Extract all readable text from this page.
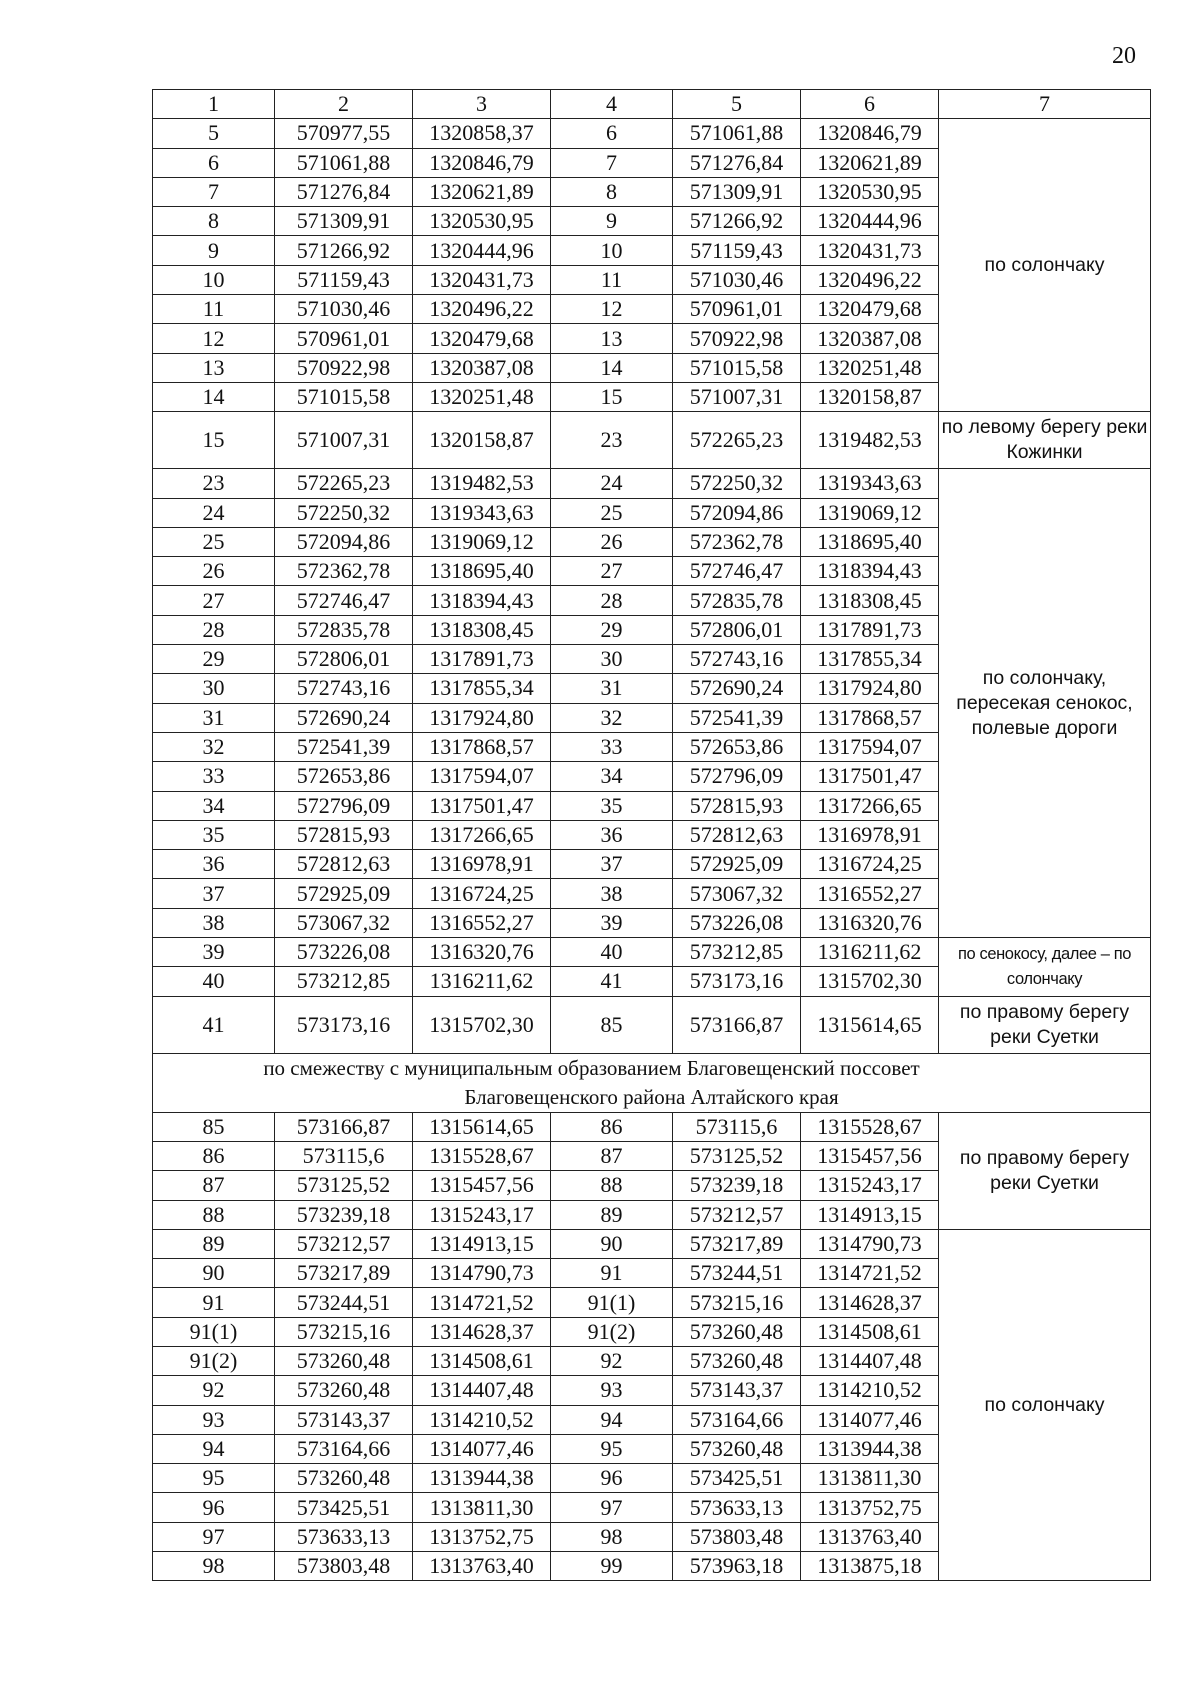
20
1	2	3	4	5	6	7
5	570977,55	1320858,37	6	571061,88	1320846,79	по солончаку
6	571061,88	1320846,79	7	571276,84	1320621,89	
7	571276,84	1320621,89	8	571309,91	1320530,95	
8	571309,91	1320530,95	9	571266,92	1320444,96	
9	571266,92	1320444,96	10	571159,43	1320431,73	
10	571159,43	1320431,73	11	571030,46	1320496,22	
11	571030,46	1320496,22	12	570961,01	1320479,68	
12	570961,01	1320479,68	13	570922,98	1320387,08	
13	570922,98	1320387,08	14	571015,58	1320251,48	
14	571015,58	1320251,48	15	571007,31	1320158,87	
15	571007,31	1320158,87	23	572265,23	1319482,53	по левому берегу реки Кожинки
23	572265,23	1319482,53	24	572250,32	1319343,63	по солончаку, пересекая сенокос, полевые дороги
24	572250,32	1319343,63	25	572094,86	1319069,12	
25	572094,86	1319069,12	26	572362,78	1318695,40	
26	572362,78	1318695,40	27	572746,47	1318394,43	
27	572746,47	1318394,43	28	572835,78	1318308,45	
28	572835,78	1318308,45	29	572806,01	1317891,73	
29	572806,01	1317891,73	30	572743,16	1317855,34	
30	572743,16	1317855,34	31	572690,24	1317924,80	
31	572690,24	1317924,80	32	572541,39	1317868,57	
32	572541,39	1317868,57	33	572653,86	1317594,07	
33	572653,86	1317594,07	34	572796,09	1317501,47	
34	572796,09	1317501,47	35	572815,93	1317266,65	
35	572815,93	1317266,65	36	572812,63	1316978,91	
36	572812,63	1316978,91	37	572925,09	1316724,25	
37	572925,09	1316724,25	38	573067,32	1316552,27	
38	573067,32	1316552,27	39	573226,08	1316320,76	
39	573226,08	1316320,76	40	573212,85	1316211,62	по сенокосу, далее – по солончаку
40	573212,85	1316211,62	41	573173,16	1315702,30	
41	573173,16	1315702,30	85	573166,87	1315614,65	по правому берегу реки Суетки

по смежеству с муниципальным образованием Благовещенский поссовет
Благовещенского района Алтайского края						

85	573166,87	1315614,65	86	573115,6	1315528,67	по правому берегу реки Суетки
86	573115,6	1315528,67	87	573125,52	1315457,56	
87	573125,52	1315457,56	88	573239,18	1315243,17	
88	573239,18	1315243,17	89	573212,57	1314913,15	
89	573212,57	1314913,15	90	573217,89	1314790,73	по солончаку
90	573217,89	1314790,73	91	573244,51	1314721,52	
91	573244,51	1314721,52	91(1)	573215,16	1314628,37	
91(1)	573215,16	1314628,37	91(2)	573260,48	1314508,61	
91(2)	573260,48	1314508,61	92	573260,48	1314407,48	
92	573260,48	1314407,48	93	573143,37	1314210,52	
93	573143,37	1314210,52	94	573164,66	1314077,46	
94	573164,66	1314077,46	95	573260,48	1313944,38	
95	573260,48	1313944,38	96	573425,51	1313811,30	
96	573425,51	1313811,30	97	573633,13	1313752,75	
97	573633,13	1313752,75	98	573803,48	1313763,40	
98	573803,48	1313763,40	99	573963,18	1313875,18	
